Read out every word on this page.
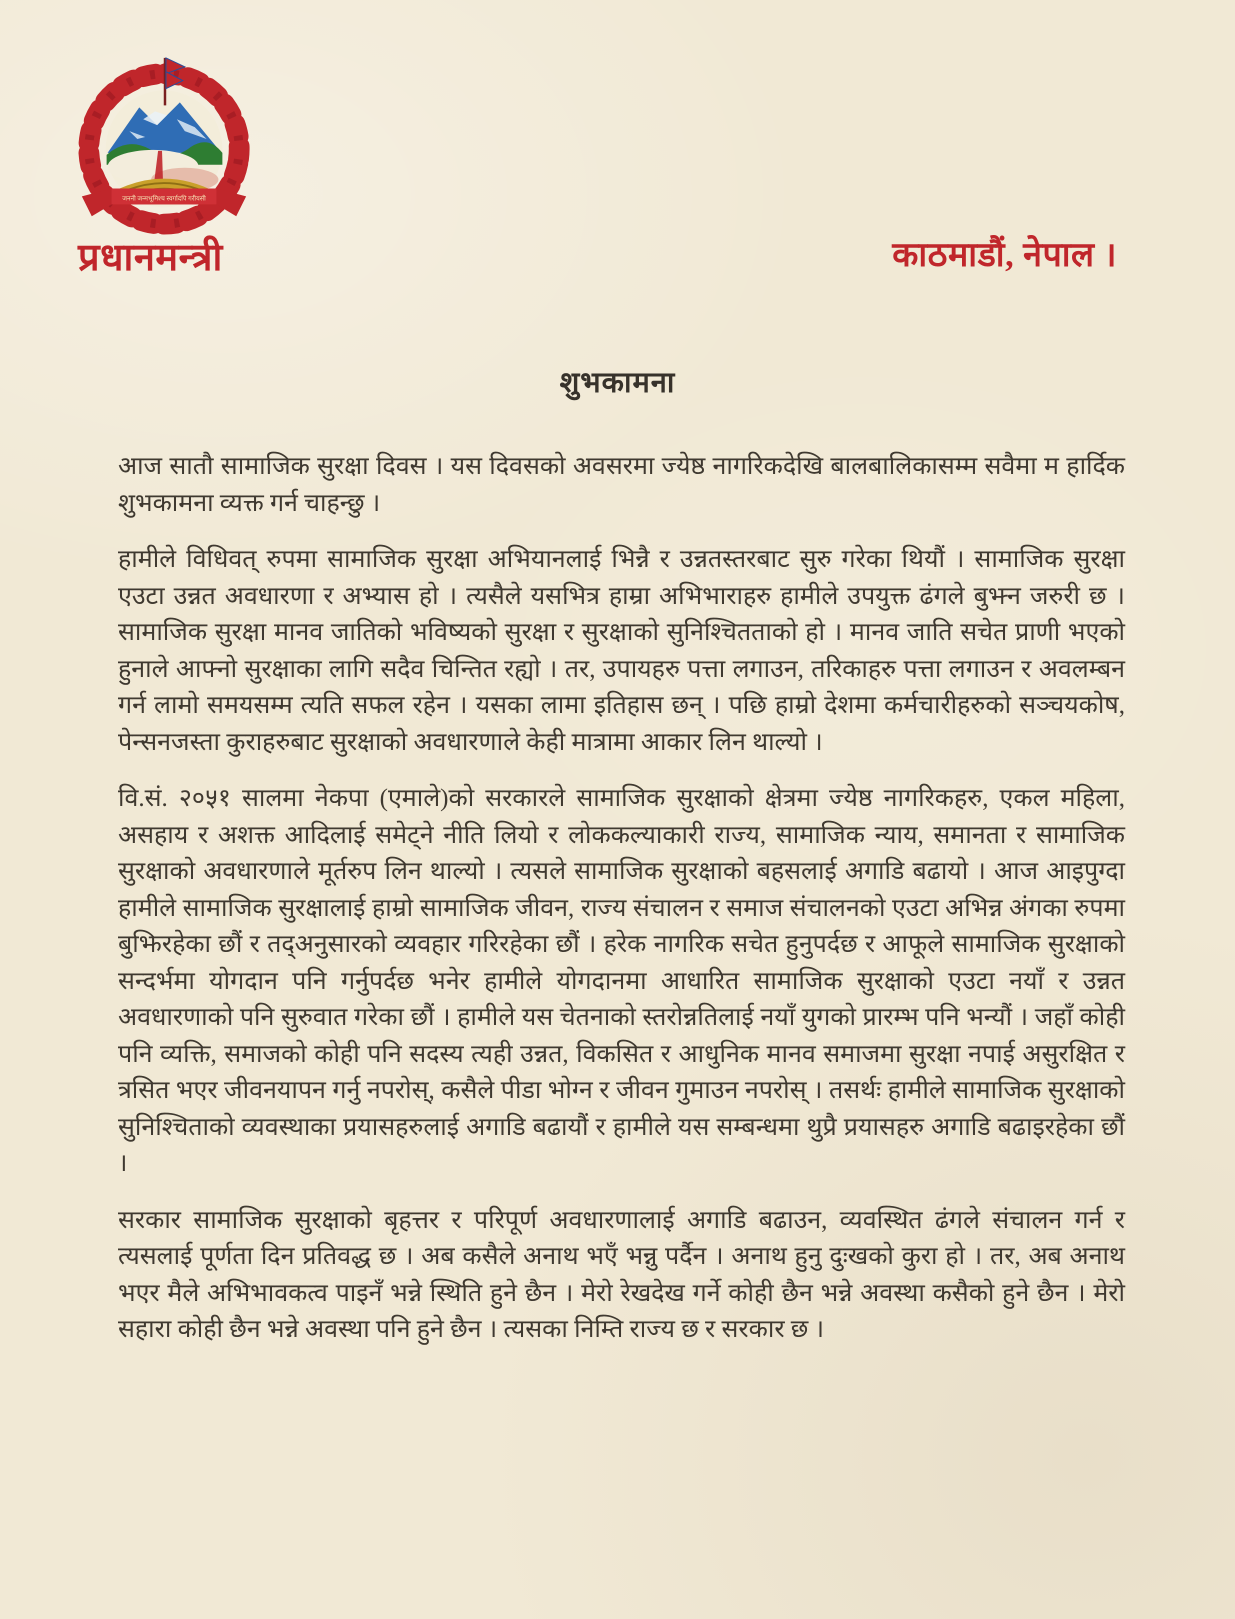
जननी जन्मभूमिश्च स्वर्गादपि गरीयसी
प्रधानमन्त्री	काठमाडौं, नेपाल ।
शुभकामना

आज सातौ सामाजिक सुरक्षा दिवस । यस दिवसको अवसरमा ज्येष्ठ नागरिकदेखि बालबालिकासम्म सवैमा म हार्दिक शुभकामना व्यक्त गर्न चाहन्छु ।

हामीले विधिवत् रुपमा सामाजिक सुरक्षा अभियानलाई भिन्नै र उन्नतस्तरबाट सुरु गरेका थियौं । सामाजिक सुरक्षा एउटा उन्नत अवधारणा र अभ्यास हो । त्यसैले यसभित्र हाम्रा अभिभाराहरु हामीले उपयुक्त ढंगले बुझ्न जरुरी छ । सामाजिक सुरक्षा मानव जातिको भविष्यको सुरक्षा र सुरक्षाको सुनिश्चितताको हो । मानव जाति सचेत प्राणी भएको हुनाले आफ्नो सुरक्षाका लागि सदैव चिन्तित रह्यो । तर, उपायहरु पत्ता लगाउन, तरिकाहरु पत्ता लगाउन र अवलम्बन गर्न लामो समयसम्म त्यति सफल रहेन । यसका लामा इतिहास छन् । पछि हाम्रो देशमा कर्मचारीहरुको सञ्चयकोष, पेन्सनजस्ता कुराहरुबाट सुरक्षाको अवधारणाले केही मात्रामा आकार लिन थाल्यो ।

वि.सं. २०५१ सालमा नेकपा (एमाले)को सरकारले सामाजिक सुरक्षाको क्षेत्रमा ज्येष्ठ नागरिकहरु, एकल महिला, असहाय र अशक्त आदिलाई समेट्ने नीति लियो र लोककल्याकारी राज्य, सामाजिक न्याय, समानता र सामाजिक सुरक्षाको अवधारणाले मूर्तरुप लिन थाल्यो । त्यसले सामाजिक सुरक्षाको बहसलाई अगाडि बढायो । आज आइपुग्दा हामीले सामाजिक सुरक्षालाई हाम्रो सामाजिक जीवन, राज्य संचालन र समाज संचालनको एउटा अभिन्न अंगका रुपमा बुझिरहेका छौं र तद्अनुसारको व्यवहार गरिरहेका छौं । हरेक नागरिक सचेत हुनुपर्दछ र आफूले सामाजिक सुरक्षाको सन्दर्भमा योगदान पनि गर्नुपर्दछ भनेर हामीले योगदानमा आधारित सामाजिक सुरक्षाको एउटा नयाँ र उन्नत अवधारणाको पनि सुरुवात गरेका छौं । हामीले यस चेतनाको स्तरोन्नतिलाई नयाँ युगको प्रारम्भ पनि भन्यौं । जहाँ कोही पनि व्यक्ति, समाजको कोही पनि सदस्य त्यही उन्नत, विकसित र आधुनिक मानव समाजमा सुरक्षा नपाई असुरक्षित र त्रसित भएर जीवनयापन गर्नु नपरोस्, कसैले पीडा भोग्न र जीवन गुमाउन नपरोस् । तसर्थः हामीले सामाजिक सुरक्षाको सुनिश्चिताको व्यवस्थाका प्रयासहरुलाई अगाडि बढायौं र हामीले यस सम्बन्धमा थुप्रै प्रयासहरु अगाडि बढाइरहेका छौं ।

सरकार सामाजिक सुरक्षाको बृहत्तर र परिपूर्ण अवधारणालाई अगाडि बढाउन, व्यवस्थित ढंगले संचालन गर्न र त्यसलाई पूर्णता दिन प्रतिवद्ध छ । अब कसैले अनाथ भएँ भन्नु पर्दैन । अनाथ हुनु दुःखको कुरा हो । तर, अब अनाथ भएर मैले अभिभावकत्व पाइनँ भन्ने स्थिति हुने छैन । मेरो रेखदेख गर्ने कोही छैन भन्ने अवस्था कसैको हुने छैन । मेरो सहारा कोही छैन भन्ने अवस्था पनि हुने छैन । त्यसका निम्ति राज्य छ र सरकार छ ।
